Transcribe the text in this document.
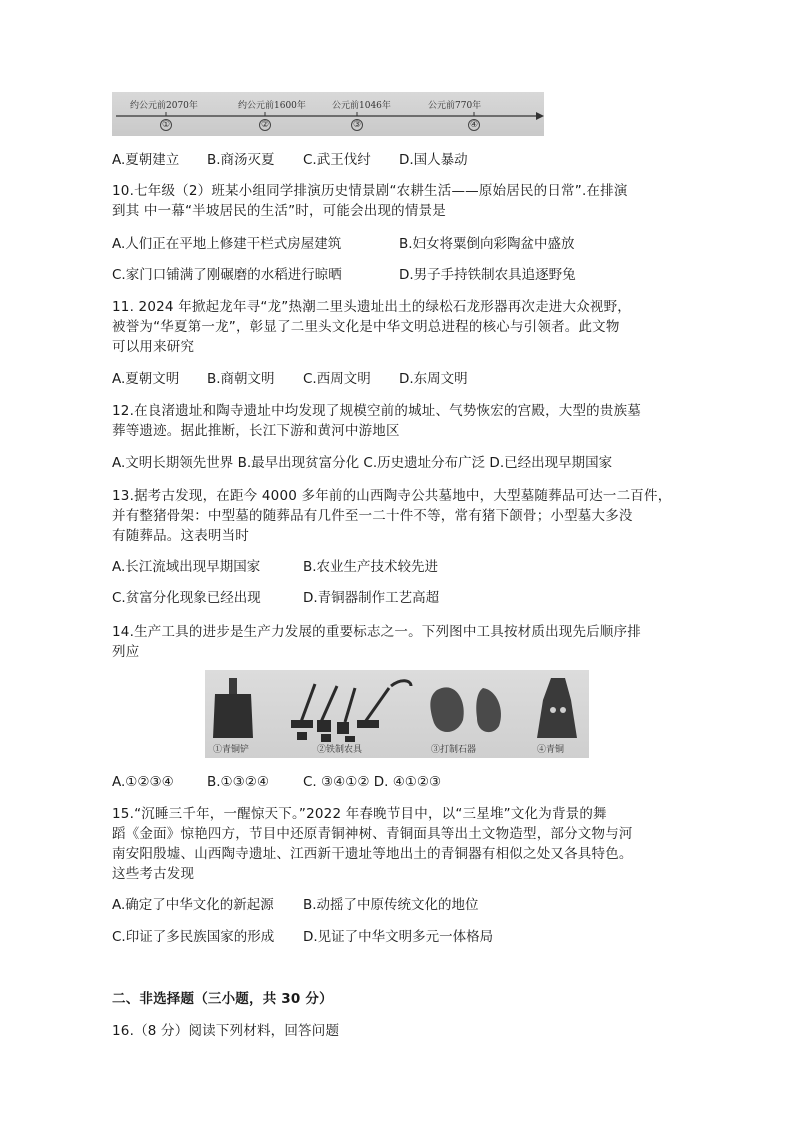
约公元前2070年	约公元前1600年	公元前1046年	公元前770年
①	②	③	④
A.夏朝建立 B.商汤灭夏 C.武王伐纣 D.国人暴动
10.七年级（2）班某小组同学排演历史情景剧“农耕生活——原始居民的日常”.在排演
到其 中一幕“半坡居民的生活”时，可能会出现的情景是
A.人们正在平地上修建干栏式房屋建筑	B.妇女将粟倒向彩陶盆中盛放
C.家门口铺满了刚碾磨的水稻进行晾晒	D.男子手持铁制农具追逐野兔
11. 2024 年掀起龙年寻“龙”热潮二里头遗址出土的绿松石龙形器再次走进大众视野，
被誉为“华夏第一龙”，彰显了二里头文化是中华文明总进程的核心与引领者。此文物
可以用来研究
A.夏朝文明 B.商朝文明 C.西周文明 D.东周文明
12.在良渚遗址和陶寺遗址中均发现了规模空前的城址、气势恢宏的宫殿，大型的贵族墓
葬等遗迹。据此推断，长江下游和黄河中游地区
A.文明长期领先世界 B.最早出现贫富分化 C.历史遗址分布广泛 D.已经出现早期国家
13.据考古发现，在距今 4000 多年前的山西陶寺公共墓地中，大型墓随葬品可达一二百件，
并有整猪骨架：中型墓的随葬品有几件至一二十件不等，常有猪下颌骨；小型墓大多没
有随葬品。这表明当时
A.长江流域出现早期国家	B.农业生产技术较先进
C.贫富分化现象已经出现	D.青铜器制作工艺高超
14.生产工具的进步是生产力发展的重要标志之一。下列图中工具按材质出现先后顺序排
列应
①青铜铲	②铁制农具	③打制石器	④青铜
A.①②③④ B.①③②④	C. ③④①② D. ④①②③
15.“沉睡三千年，一醒惊天下。”2022 年春晚节目中，以“三星堆”文化为背景的舞
蹈《金面》惊艳四方，节目中还原青铜神树、青铜面具等出土文物造型，部分文物与河
南安阳殷墟、山西陶寺遗址、江西新干遗址等地出土的青铜器有相似之处又各具特色。
这些考古发现
A.确定了中华文化的新起源 B.动摇了中原传统文化的地位
C.印证了多民族国家的形成 D.见证了中华文明多元一体格局
二、非选择题（三小题，共 30 分）
16.（8 分）阅读下列材料，回答问题
